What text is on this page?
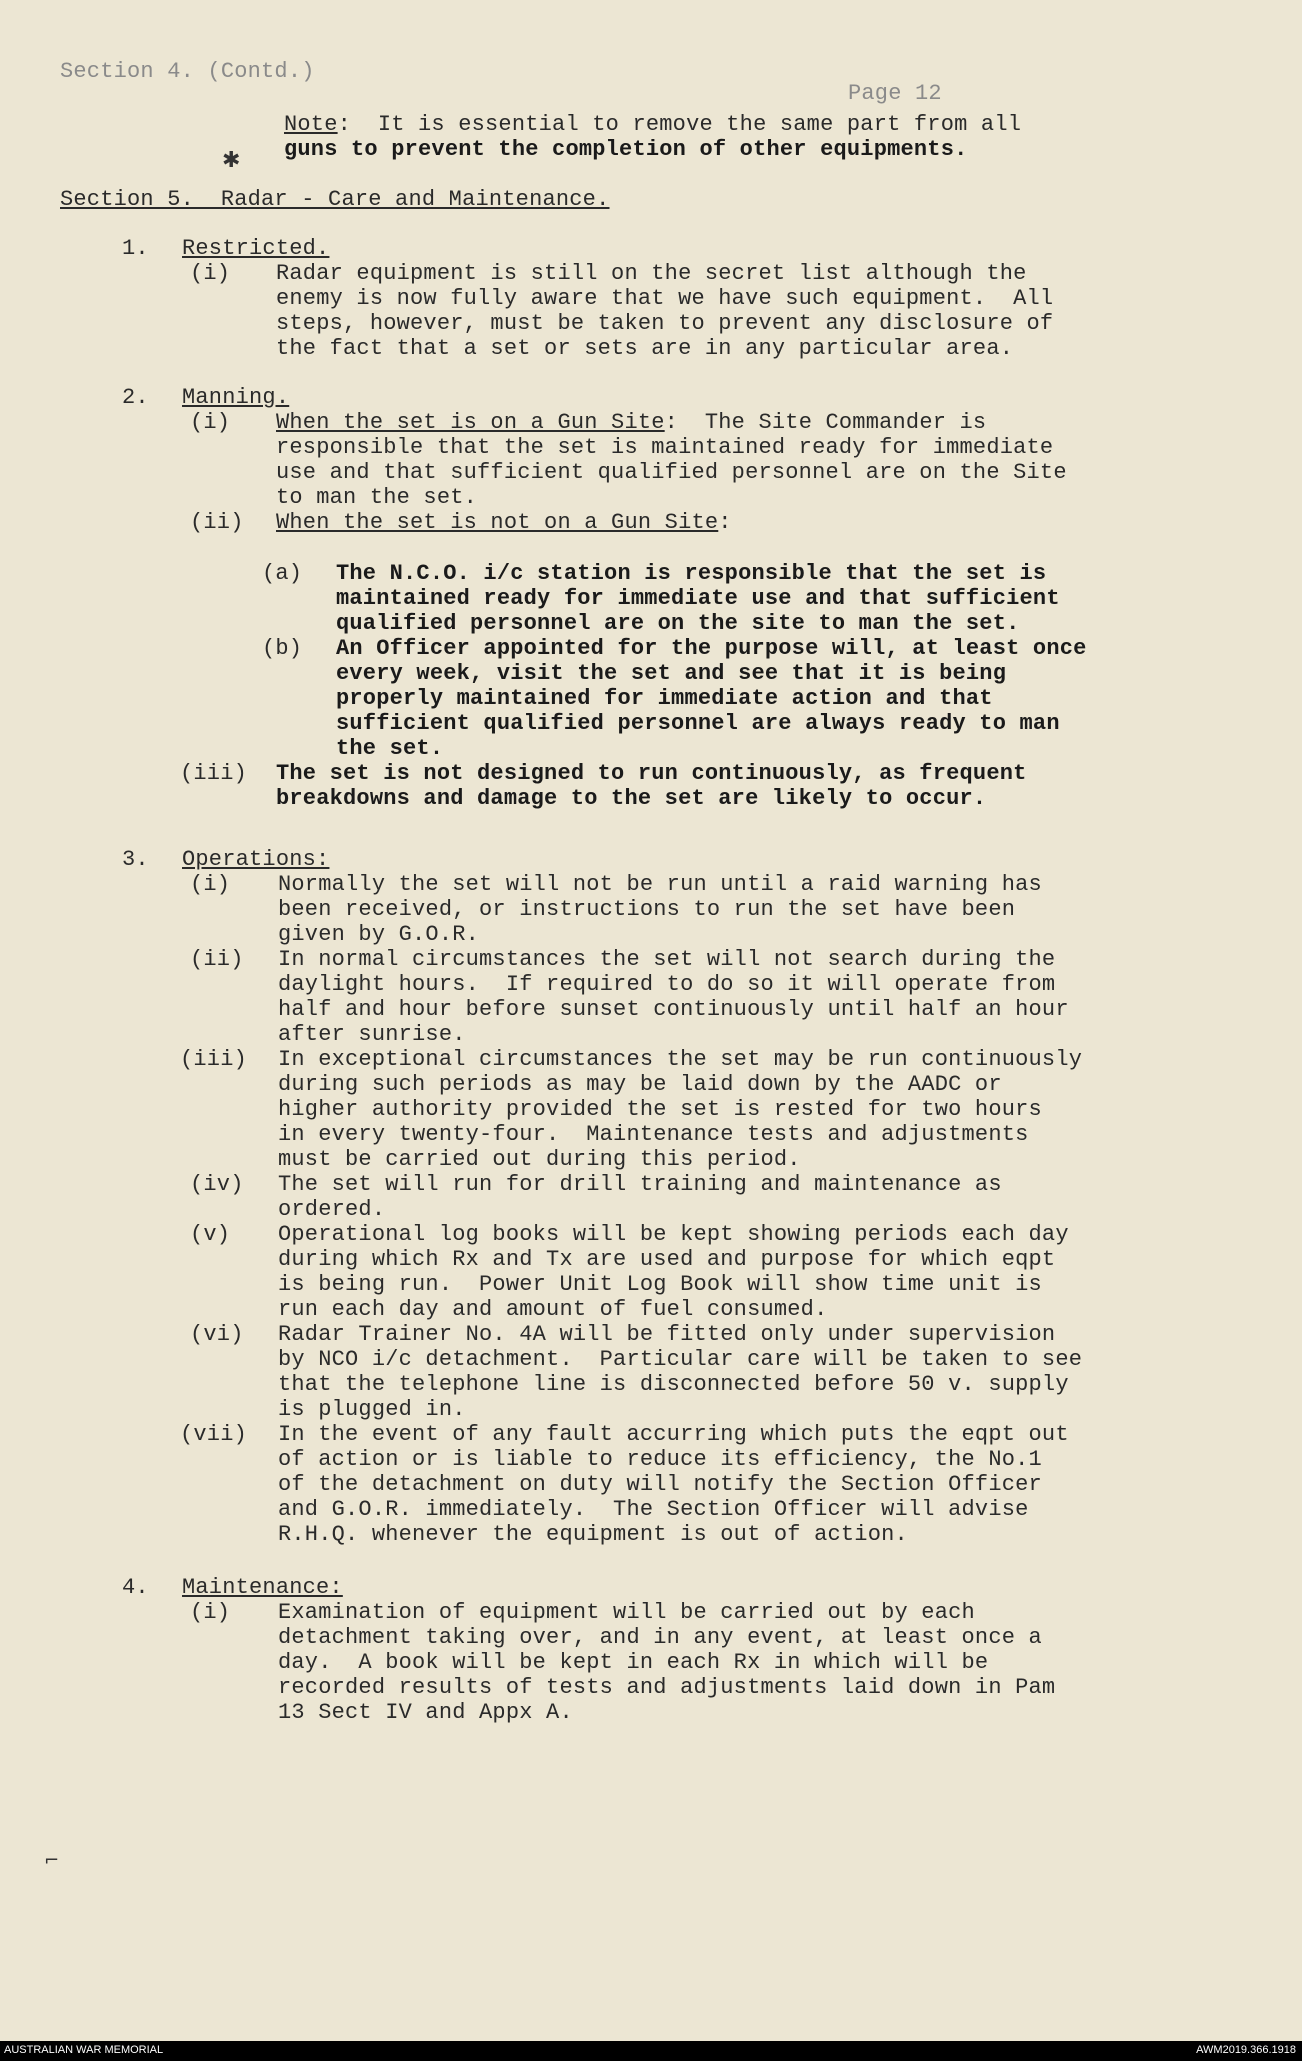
Section 4. (Contd.)
Page 12
Note:  It is essential to remove the same part from all
guns to prevent the completion of other equipments.
✱
Section 5.  Radar - Care and Maintenance.
1. Restricted.
(i) Radar equipment is still on the secret list although the
enemy is now fully aware that we have such equipment.  All
steps, however, must be taken to prevent any disclosure of
the fact that a set or sets are in any particular area.
2. Manning.
(i) When the set is on a Gun Site:  The Site Commander is
responsible that the set is maintained ready for immediate
use and that sufficient qualified personnel are on the Site
to man the set.
(ii) When the set is not on a Gun Site:
(a) The N.C.O. i/c station is responsible that the set is
maintained ready for immediate use and that sufficient
qualified personnel are on the site to man the set.
(b) An Officer appointed for the purpose will, at least once
every week, visit the set and see that it is being
properly maintained for immediate action and that
sufficient qualified personnel are always ready to man
the set.
(iii) The set is not designed to run continuously, as frequent
breakdowns and damage to the set are likely to occur.
3. Operations:
(i) Normally the set will not be run until a raid warning has
been received, or instructions to run the set have been
given by G.O.R.
(ii) In normal circumstances the set will not search during the
daylight hours.  If required to do so it will operate from
half and hour before sunset continuously until half an hour
after sunrise.
(iii) In exceptional circumstances the set may be run continuously
during such periods as may be laid down by the AADC or
higher authority provided the set is rested for two hours
in every twenty-four.  Maintenance tests and adjustments
must be carried out during this period.
(iv) The set will run for drill training and maintenance as
ordered.
(v) Operational log books will be kept showing periods each day
during which Rx and Tx are used and purpose for which eqpt
is being run.  Power Unit Log Book will show time unit is
run each day and amount of fuel consumed.
(vi) Radar Trainer No. 4A will be fitted only under supervision
by NCO i/c detachment.  Particular care will be taken to see
that the telephone line is disconnected before 50 v. supply
is plugged in.
(vii) In the event of any fault accurring which puts the eqpt out
of action or is liable to reduce its efficiency, the No.1
of the detachment on duty will notify the Section Officer
and G.O.R. immediately.  The Section Officer will advise
R.H.Q. whenever the equipment is out of action.
4. Maintenance:
(i) Examination of equipment will be carried out by each
detachment taking over, and in any event, at least once a
day.  A book will be kept in each Rx in which will be
recorded results of tests and adjustments laid down in Pam
13 Sect IV and Appx A.
⌐
AUSTRALIAN WAR MEMORIAL	AWM2019.366.1918
